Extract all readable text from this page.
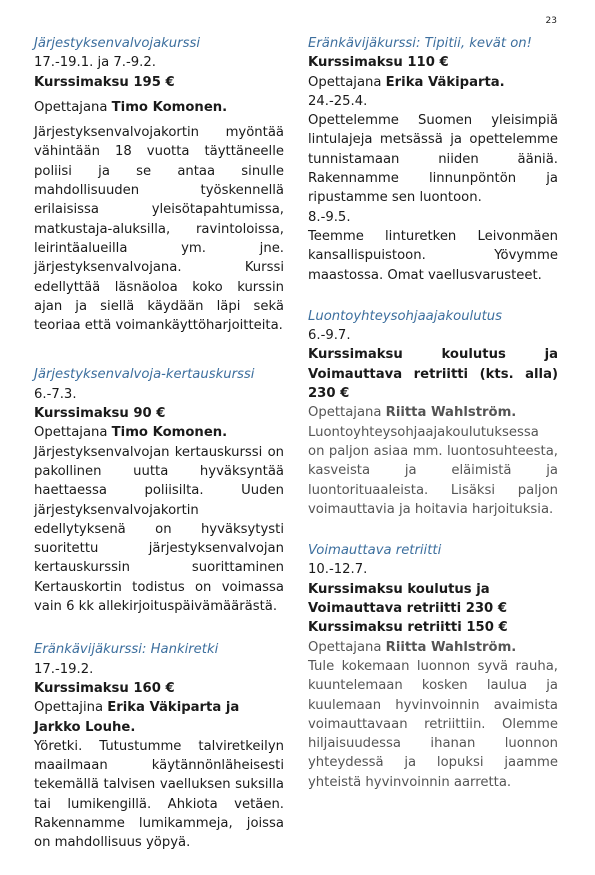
23
Järjestyksenvalvojakurssi
17.-19.1. ja 7.-9.2.
Kurssimaksu 195 €
Opettajana Timo Komonen.
Järjestyksenvalvojakortin myöntää vähintään 18 vuotta täyttäneelle poliisi ja se antaa sinulle mahdollisuuden työskennellä erilaisissa yleisötapahtumissa, matkustaja-aluksilla, ravintoloissa, leirintäalueilla ym. jne. järjestyksenvalvojana. Kurssi edellyttää läsnäoloa koko kurssin ajan ja siellä käydään läpi sekä teoriaa että voimankäyttöharjoitteita.
Järjestyksenvalvoja-kertauskurssi
6.-7.3.
Kurssimaksu 90 €
Opettajana Timo Komonen.
Järjestyksenvalvojan kertauskurssi on pakollinen uutta hyväksyntää haettaessa poliisilta. Uuden järjestyksenvalvojakortin edellytyksenä on hyväksytysti suoritettu järjestyksenvalvojan kertauskurssin suorittaminen Kertauskortin todistus on voimassa vain 6 kk allekirjoituspäivämäärästä.
Eränkävijäkurssi: Hankiretki
17.-19.2.
Kurssimaksu 160 €
Opettajina Erika Väkiparta ja Jarkko Louhe.
Yöretki. Tutustumme talviretkeilyn maailmaan käytännönläheisesti tekemällä talvisen vaelluksen suksilla tai lumikengillä. Ahkiota vetäen. Rakennamme lumikammeja, joissa on mahdollisuus yöpyä.
Eränkävijäkurssi: Tipitii, kevät on!
Kurssimaksu 110 €
Opettajana Erika Väkiparta.
24.-25.4.
Opettelemme Suomen yleisimpiä lintulajeja metsässä ja opettelemme tunnistamaan niiden ääniä. Rakennamme linnunpöntön ja ripustamme sen luontoon.
8.-9.5.
Teemme linturetken Leivonmäen kansallispuistoon. Yövymme maastossa. Omat vaellusvarusteet.
Luontoyhteysohjaajakoulutus
6.-9.7.
Kurssimaksu koulutus ja Voimauttava retriitti (kts. alla) 230 €
Opettajana Riitta Wahlström.
Luontoyhteysohjaajakoulutuksessa on paljon asiaa mm. luontosuhteesta, kasveista ja eläimistä ja luontorituaaleista. Lisäksi paljon voimauttavia ja hoitavia harjoituksia.
Voimauttava retriitti
10.-12.7.
Kurssimaksu koulutus ja Voimauttava retriitti 230 €
Kurssimaksu retriitti 150 €
Opettajana Riitta Wahlström.
Tule kokemaan luonnon syvä rauha, kuuntelemaan kosken laulua ja kuulemaan hyvinvoinnin avaimista voimauttavaan retriittiin. Olemme hiljaisuudessa ihanan luonnon yhteydessä ja lopuksi jaamme yhteistä hyvinvoinnin aarretta.
